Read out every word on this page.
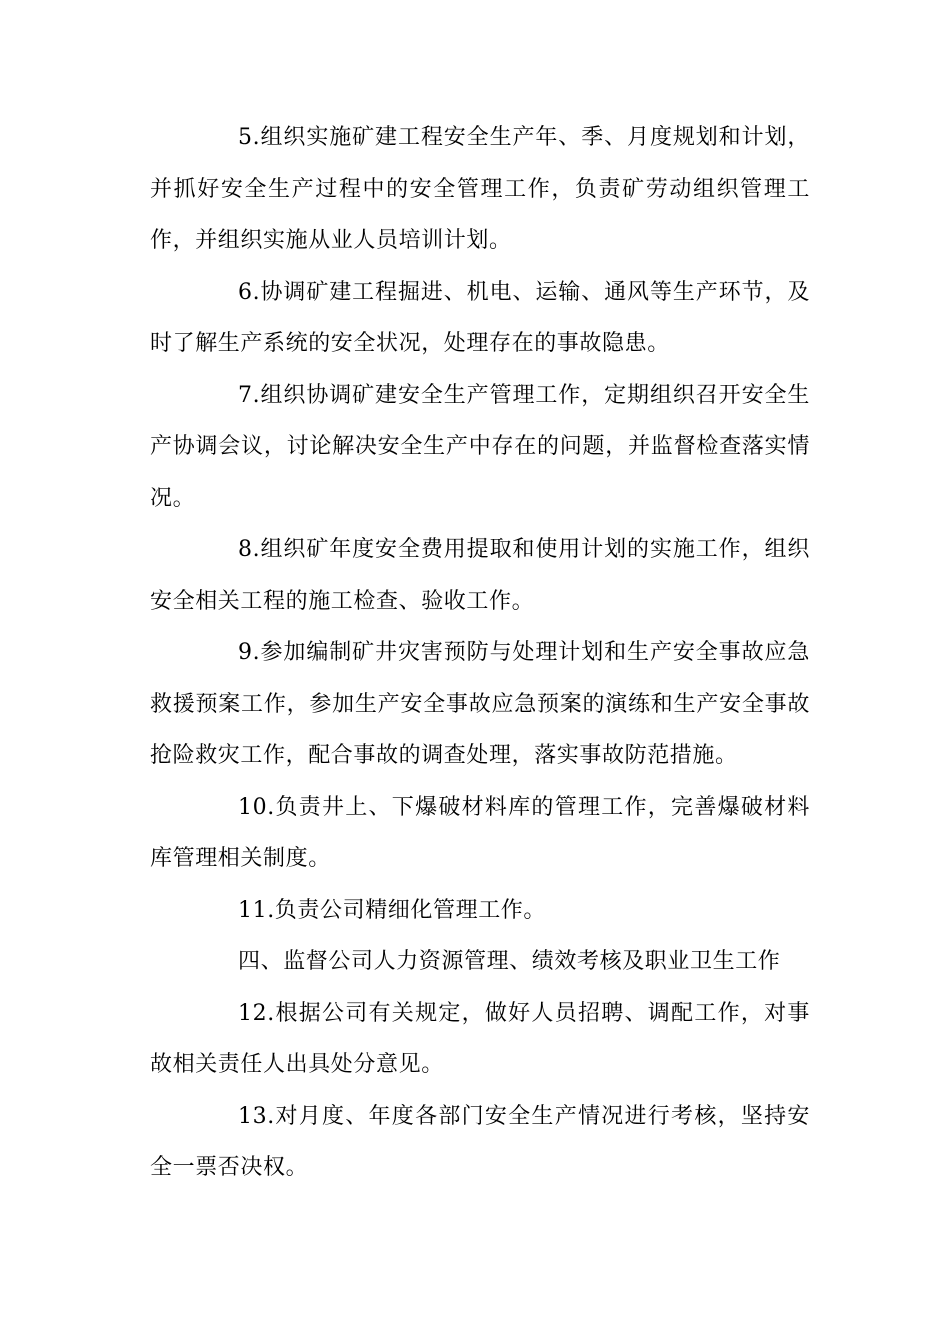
5.组织实施矿建工程安全生产年、季、月度规划和计划，并抓好安全生产过程中的安全管理工作，负责矿劳动组织管理工作，并组织实施从业人员培训计划。

6.协调矿建工程掘进、机电、运输、通风等生产环节，及时了解生产系统的安全状况，处理存在的事故隐患。

7.组织协调矿建安全生产管理工作，定期组织召开安全生产协调会议，讨论解决安全生产中存在的问题，并监督检查落实情况。

8.组织矿年度安全费用提取和使用计划的实施工作，组织安全相关工程的施工检查、验收工作。

9.参加编制矿井灾害预防与处理计划和生产安全事故应急救援预案工作，参加生产安全事故应急预案的演练和生产安全事故抢险救灾工作，配合事故的调查处理，落实事故防范措施。

10.负责井上、下爆破材料库的管理工作，完善爆破材料库管理相关制度。

11.负责公司精细化管理工作。

四、监督公司人力资源管理、绩效考核及职业卫生工作

12.根据公司有关规定，做好人员招聘、调配工作，对事故相关责任人出具处分意见。

13.对月度、年度各部门安全生产情况进行考核，坚持安全一票否决权。
